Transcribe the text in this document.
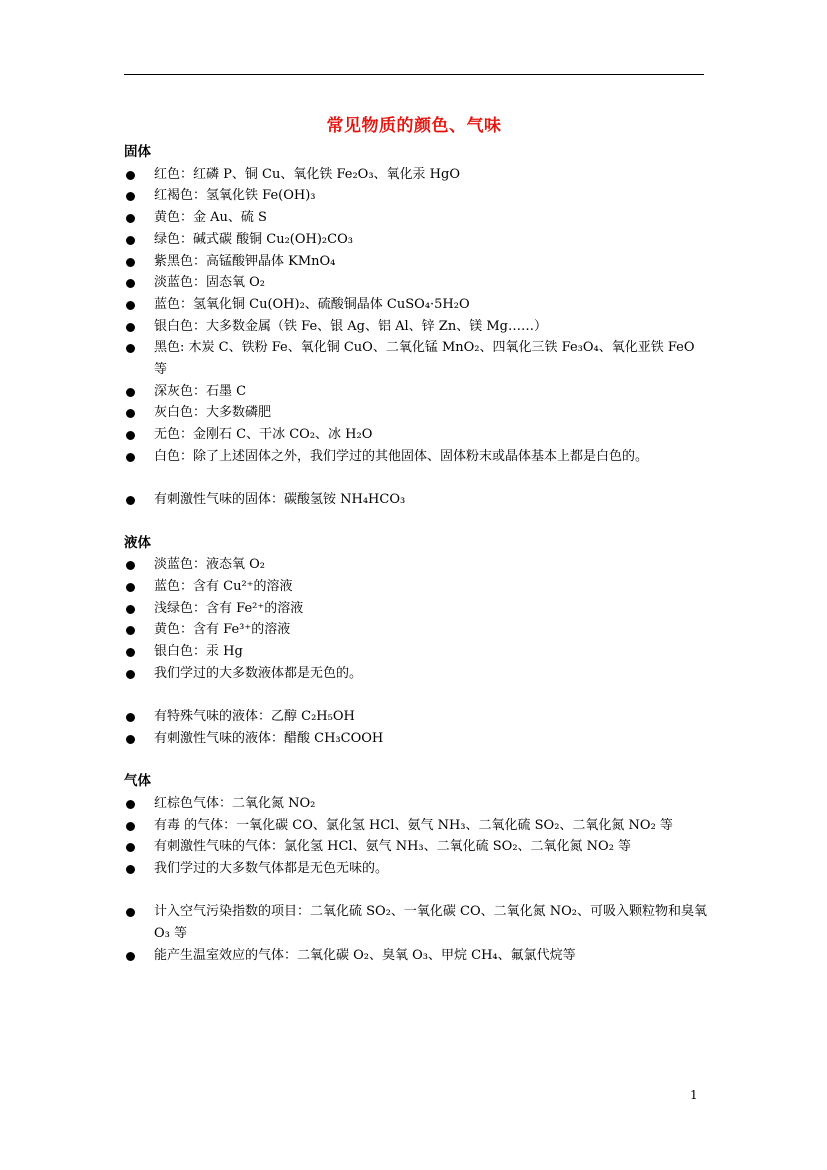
常见物质的颜色、气味
固体
红色：红磷 P、铜 Cu、氧化铁 Fe₂O₃、氧化汞 HgO
红褐色：氢氧化铁 Fe(OH)₃
黄色：金 Au、硫 S
绿色：碱式碳 酸铜 Cu₂(OH)₂CO₃
紫黑色：高锰酸钾晶体 KMnO₄
淡蓝色：固态氧 O₂
蓝色：氢氧化铜 Cu(OH)₂、硫酸铜晶体 CuSO₄·5H₂O
银白色：大多数金属（铁 Fe、银 Ag、铝 Al、锌 Zn、镁 Mg……）
黑色: 木炭 C、铁粉 Fe、氧化铜 CuO、二氧化锰 MnO₂、四氧化三铁 Fe₃O₄、氧化亚铁 FeO 等
深灰色：石墨 C
灰白色：大多数磷肥
无色：金刚石 C、干冰 CO₂、冰 H₂O
白色：除了上述固体之外，我们学过的其他固体、固体粉末或晶体基本上都是白色的。
有刺激性气味的固体：碳酸氢铵 NH₄HCO₃
液体
淡蓝色：液态氧 O₂
蓝色：含有 Cu²⁺的溶液
浅绿色：含有 Fe²⁺的溶液
黄色：含有 Fe³⁺的溶液
银白色：汞 Hg
我们学过的大多数液体都是无色的。
有特殊气味的液体：乙醇 C₂H₅OH
有刺激性气味的液体：醋酸 CH₃COOH
气体
红棕色气体：二氧化氮 NO₂
有毒 的气体：一氧化碳 CO、氯化氢 HCl、氨气 NH₃、二氧化硫 SO₂、二氧化氮 NO₂ 等
有刺激性气味的气体：氯化氢 HCl、氨气 NH₃、二氧化硫 SO₂、二氧化氮 NO₂ 等
我们学过的大多数气体都是无色无味的。
计入空气污染指数的项目：二氧化硫 SO₂、一氧化碳 CO、二氧化氮 NO₂、可吸入颗粒物和臭氧 O₃ 等
能产生温室效应的气体：二氧化碳 O₂、臭氧 O₃、甲烷 CH₄、氟氯代烷等
1
